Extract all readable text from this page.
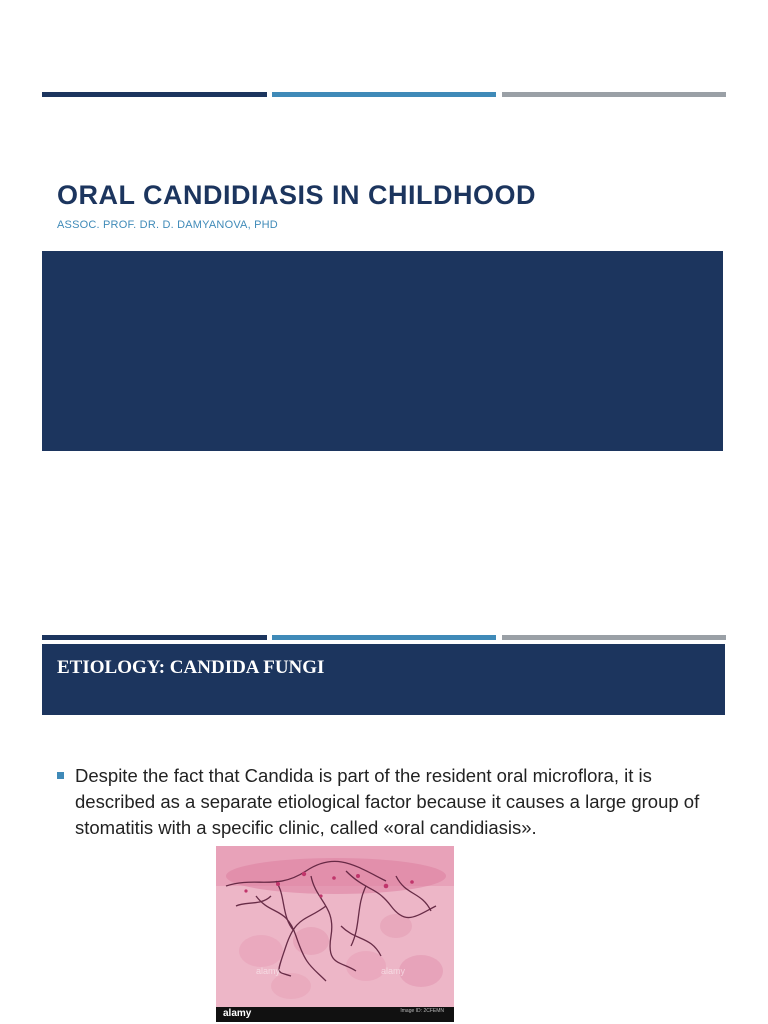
ORAL CANDIDIASIS IN CHILDHOOD
ASSOC. PROF. DR. D. DAMYANOVA, PHD
ETIOLOGY: CANDIDA FUNGI

Despite the fact that Candida is part of the resident oral microflora, it is described as a separate etiological factor because it causes a large group of stomatitis with a specific clinic, called «oral candidiasis».

alamy	alamy
alamy	Image ID: 2CFEMN
